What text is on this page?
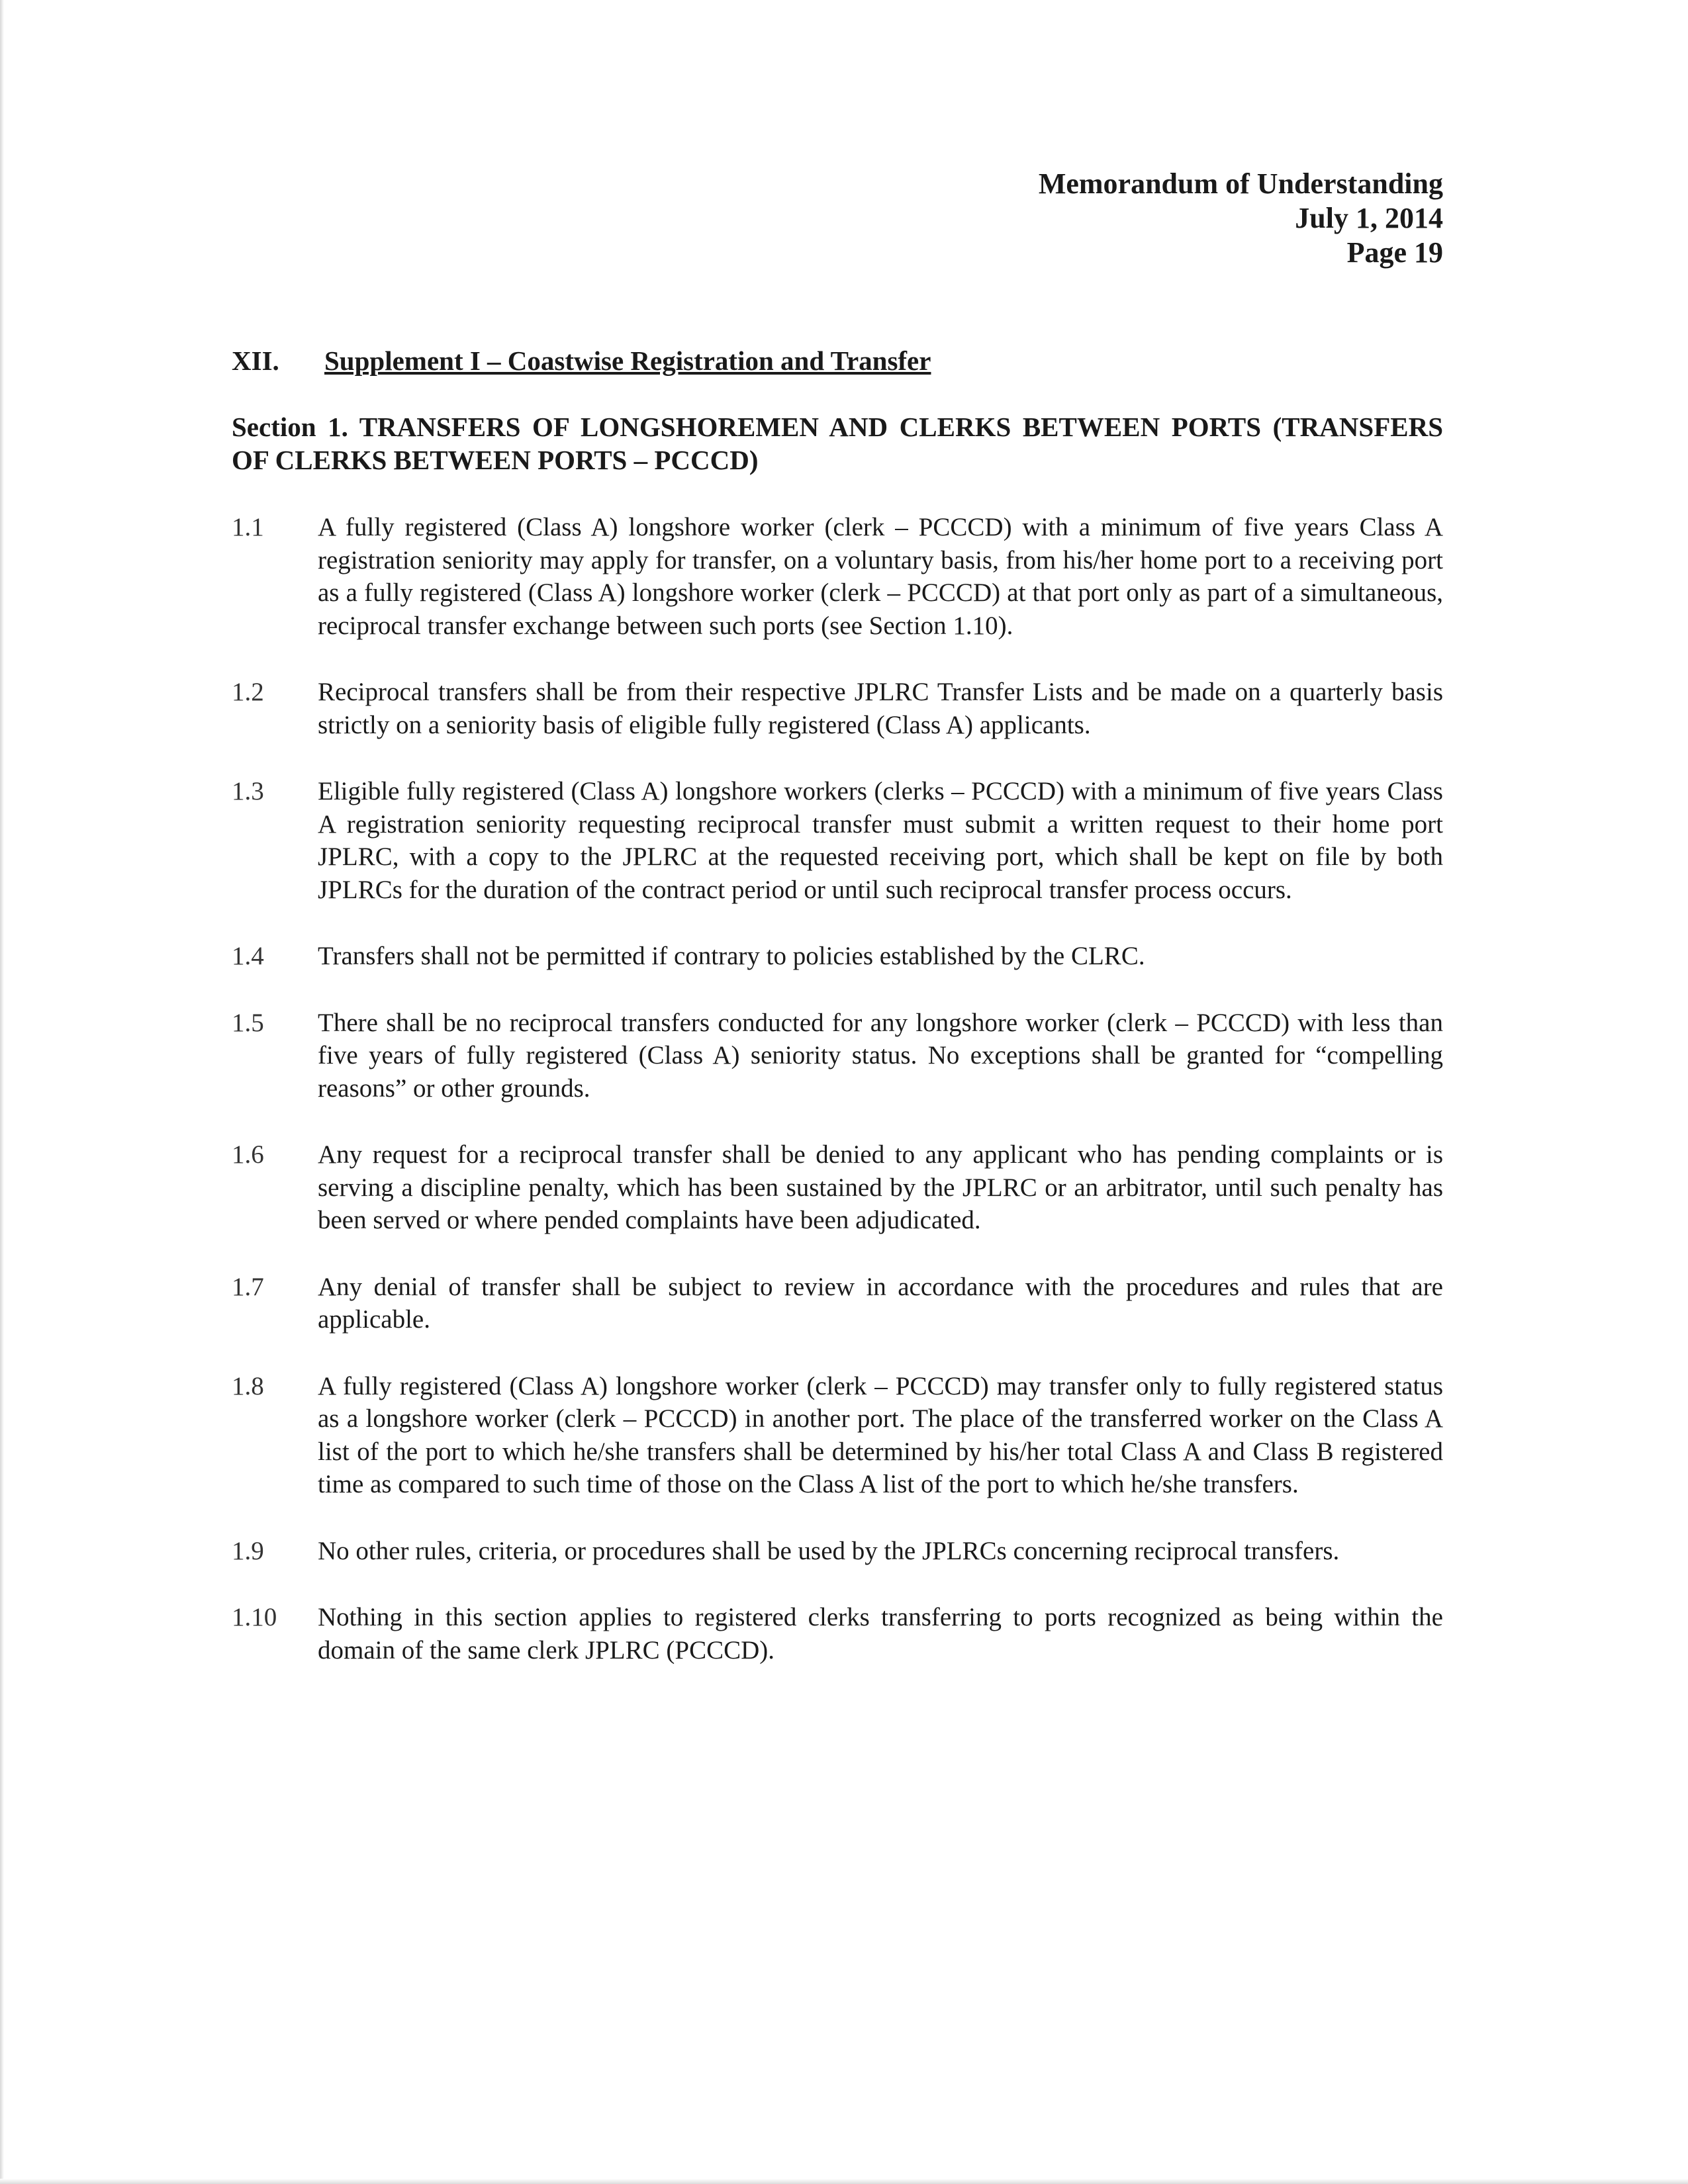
Memorandum of Understanding
July 1, 2014
Page 19
XII. Supplement I – Coastwise Registration and Transfer
Section 1. TRANSFERS OF LONGSHOREMEN AND CLERKS BETWEEN PORTS (TRANSFERS OF CLERKS BETWEEN PORTS – PCCCD)
1.1	A fully registered (Class A) longshore worker (clerk – PCCCD) with a minimum of five years Class A registration seniority may apply for transfer, on a voluntary basis, from his/her home port to a receiving port as a fully registered (Class A) longshore worker (clerk – PCCCD) at that port only as part of a simultaneous, reciprocal transfer exchange between such ports (see Section 1.10).
1.2	Reciprocal transfers shall be from their respective JPLRC Transfer Lists and be made on a quarterly basis strictly on a seniority basis of eligible fully registered (Class A) applicants.
1.3	Eligible fully registered (Class A) longshore workers (clerks – PCCCD) with a minimum of five years Class A registration seniority requesting reciprocal transfer must submit a written request to their home port JPLRC, with a copy to the JPLRC at the requested receiving port, which shall be kept on file by both JPLRCs for the duration of the contract period or until such reciprocal transfer process occurs.
1.4	Transfers shall not be permitted if contrary to policies established by the CLRC.
1.5	There shall be no reciprocal transfers conducted for any longshore worker (clerk – PCCCD) with less than five years of fully registered (Class A) seniority status. No exceptions shall be granted for “compelling reasons” or other grounds.
1.6	Any request for a reciprocal transfer shall be denied to any applicant who has pending complaints or is serving a discipline penalty, which has been sustained by the JPLRC or an arbitrator, until such penalty has been served or where pended complaints have been adjudicated.
1.7	Any denial of transfer shall be subject to review in accordance with the procedures and rules that are applicable.
1.8	A fully registered (Class A) longshore worker (clerk – PCCCD) may transfer only to fully registered status as a longshore worker (clerk – PCCCD) in another port. The place of the transferred worker on the Class A list of the port to which he/she transfers shall be determined by his/her total Class A and Class B registered time as compared to such time of those on the Class A list of the port to which he/she transfers.
1.9	No other rules, criteria, or procedures shall be used by the JPLRCs concerning reciprocal transfers.
1.10	Nothing in this section applies to registered clerks transferring to ports recognized as being within the domain of the same clerk JPLRC (PCCCD).
